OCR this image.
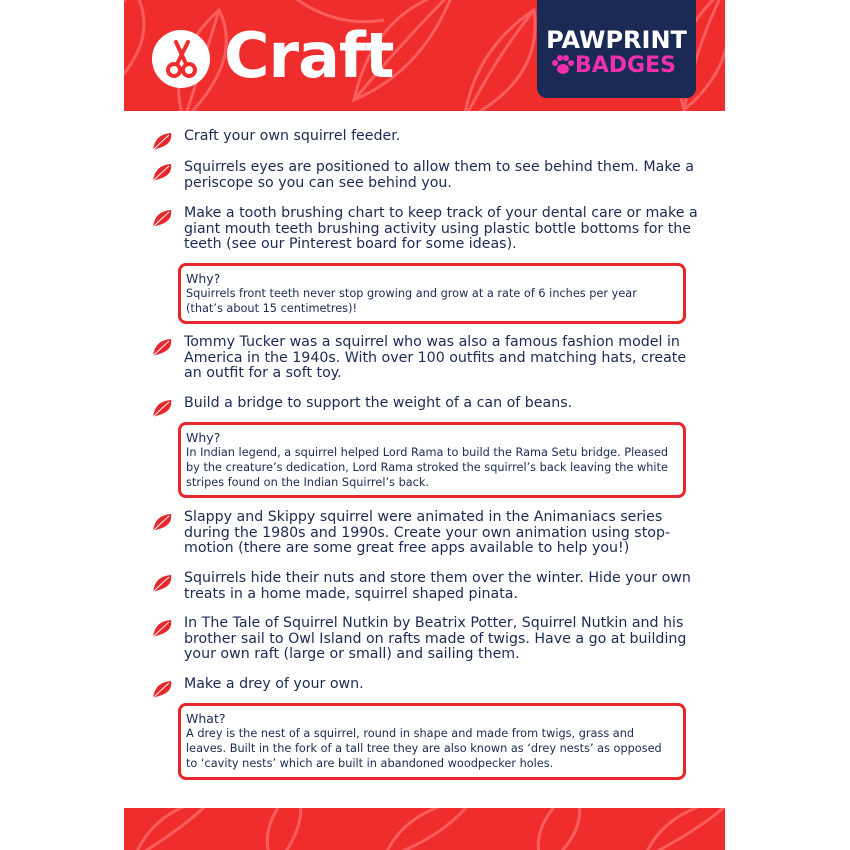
Craft	PAWPRINT
BADGES
Craft your own squirrel feeder.
Squirrels eyes are positioned to allow them to see behind them. Make a periscope so you can see behind you.
Make a tooth brushing chart to keep track of your dental care or make a giant mouth teeth brushing activity using plastic bottle bottoms for the teeth (see our Pinterest board for some ideas).
Why?
Squirrels front teeth never stop growing and grow at a rate of 6 inches per year (that’s about 15 centimetres)!
Tommy Tucker was a squirrel who was also a famous fashion model in America in the 1940s. With over 100 outfits and matching hats, create an outfit for a soft toy.
Build a bridge to support the weight of a can of beans.
Why?
In Indian legend, a squirrel helped Lord Rama to build the Rama Setu bridge. Pleased by the creature’s dedication, Lord Rama stroked the squirrel’s back leaving the white stripes found on the Indian Squirrel’s back.
Slappy and Skippy squirrel were animated in the Animaniacs series during the 1980s and 1990s. Create your own animation using stop-motion (there are some great free apps available to help you!)
Squirrels hide their nuts and store them over the winter. Hide your own treats in a home made, squirrel shaped pinata.
In The Tale of Squirrel Nutkin by Beatrix Potter, Squirrel Nutkin and his brother sail to Owl Island on rafts made of twigs. Have a go at building your own raft (large or small) and sailing them.
Make a drey of your own.
What?
A drey is the nest of a squirrel, round in shape and made from twigs, grass and leaves. Built in the fork of a tall tree they are also known as ‘drey nests’ as opposed to ‘cavity nests’ which are built in abandoned woodpecker holes.
